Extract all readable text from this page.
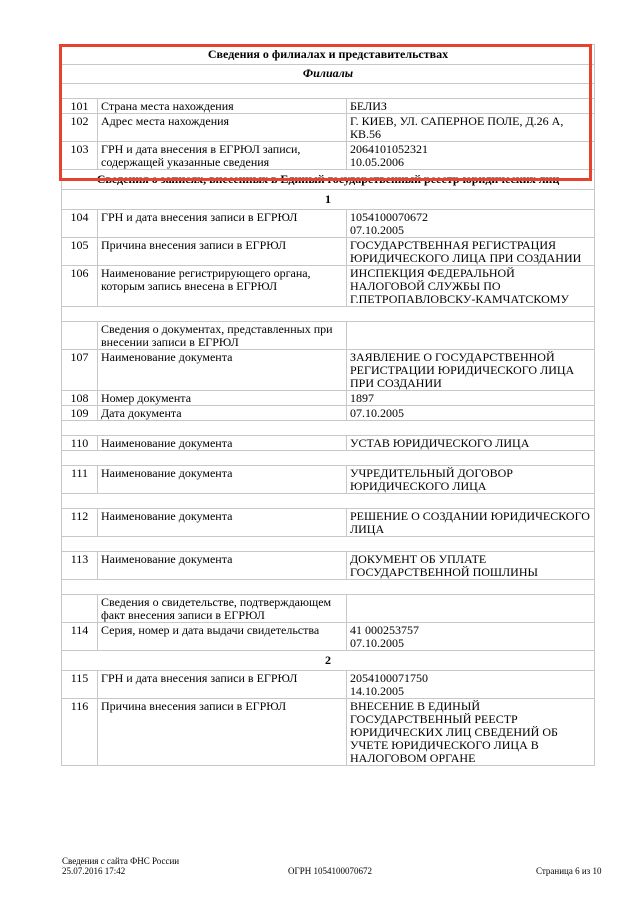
Сведения о филиалах и представительствах		
Филиалы		

101	Страна места нахождения	БЕЛИЗ
102	Адрес места нахождения	Г. КИЕВ, УЛ. САПЕРНОЕ ПОЛЕ, Д.26 А, КВ.56
103	ГРН и дата внесения в ЕГРЮЛ записи, содержащей указанные сведения	2064101052321
10.05.2006

Сведения о записях, внесенных в Единый государственный реестр юридических лиц		
1		
104	ГРН и дата внесения записи в ЕГРЮЛ	1054100070672
07.10.2005

105	Причина внесения записи в ЕГРЮЛ	ГОСУДАРСТВЕННАЯ РЕГИСТРАЦИЯ ЮРИДИЧЕСКОГО ЛИЦА ПРИ СОЗДАНИИ
106	Наименование регистрирующего органа, которым запись внесена в ЕГРЮЛ	ИНСПЕКЦИЯ ФЕДЕРАЛЬНОЙ НАЛОГОВОЙ СЛУЖБЫ ПО Г.ПЕТРОПАВЛОВСКУ-КАМЧАТСКОМУ

	Сведения о документах, представленных при внесении записи в ЕГРЮЛ	
107	Наименование документа	ЗАЯВЛЕНИЕ О ГОСУДАРСТВЕННОЙ РЕГИСТРАЦИИ ЮРИДИЧЕСКОГО ЛИЦА ПРИ СОЗДАНИИ
108	Номер документа	1897
109	Дата документа	07.10.2005

110	Наименование документа	УСТАВ ЮРИДИЧЕСКОГО ЛИЦА

111	Наименование документа	УЧРЕДИТЕЛЬНЫЙ ДОГОВОР ЮРИДИЧЕСКОГО ЛИЦА

112	Наименование документа	РЕШЕНИЕ О СОЗДАНИИ ЮРИДИЧЕСКОГО ЛИЦА

113	Наименование документа	ДОКУМЕНТ ОБ УПЛАТЕ ГОСУДАРСТВЕННОЙ ПОШЛИНЫ

	Сведения о свидетельстве, подтверждающем факт внесения записи в ЕГРЮЛ	
114	Серия, номер и дата выдачи свидетельства	41 000253757
07.10.2005

2		
115	ГРН и дата внесения записи в ЕГРЮЛ	2054100071750
14.10.2005

116	Причина внесения записи в ЕГРЮЛ	ВНЕСЕНИЕ В ЕДИНЫЙ ГОСУДАРСТВЕННЫЙ РЕЕСТР ЮРИДИЧЕСКИХ ЛИЦ СВЕДЕНИЙ ОБ УЧЕТЕ ЮРИДИЧЕСКОГО ЛИЦА В НАЛОГОВОМ ОРГАНЕ
Сведения с сайта ФНС России
25.07.2016 17:42	ОГРН 1054100070672	Страница 6 из 10
